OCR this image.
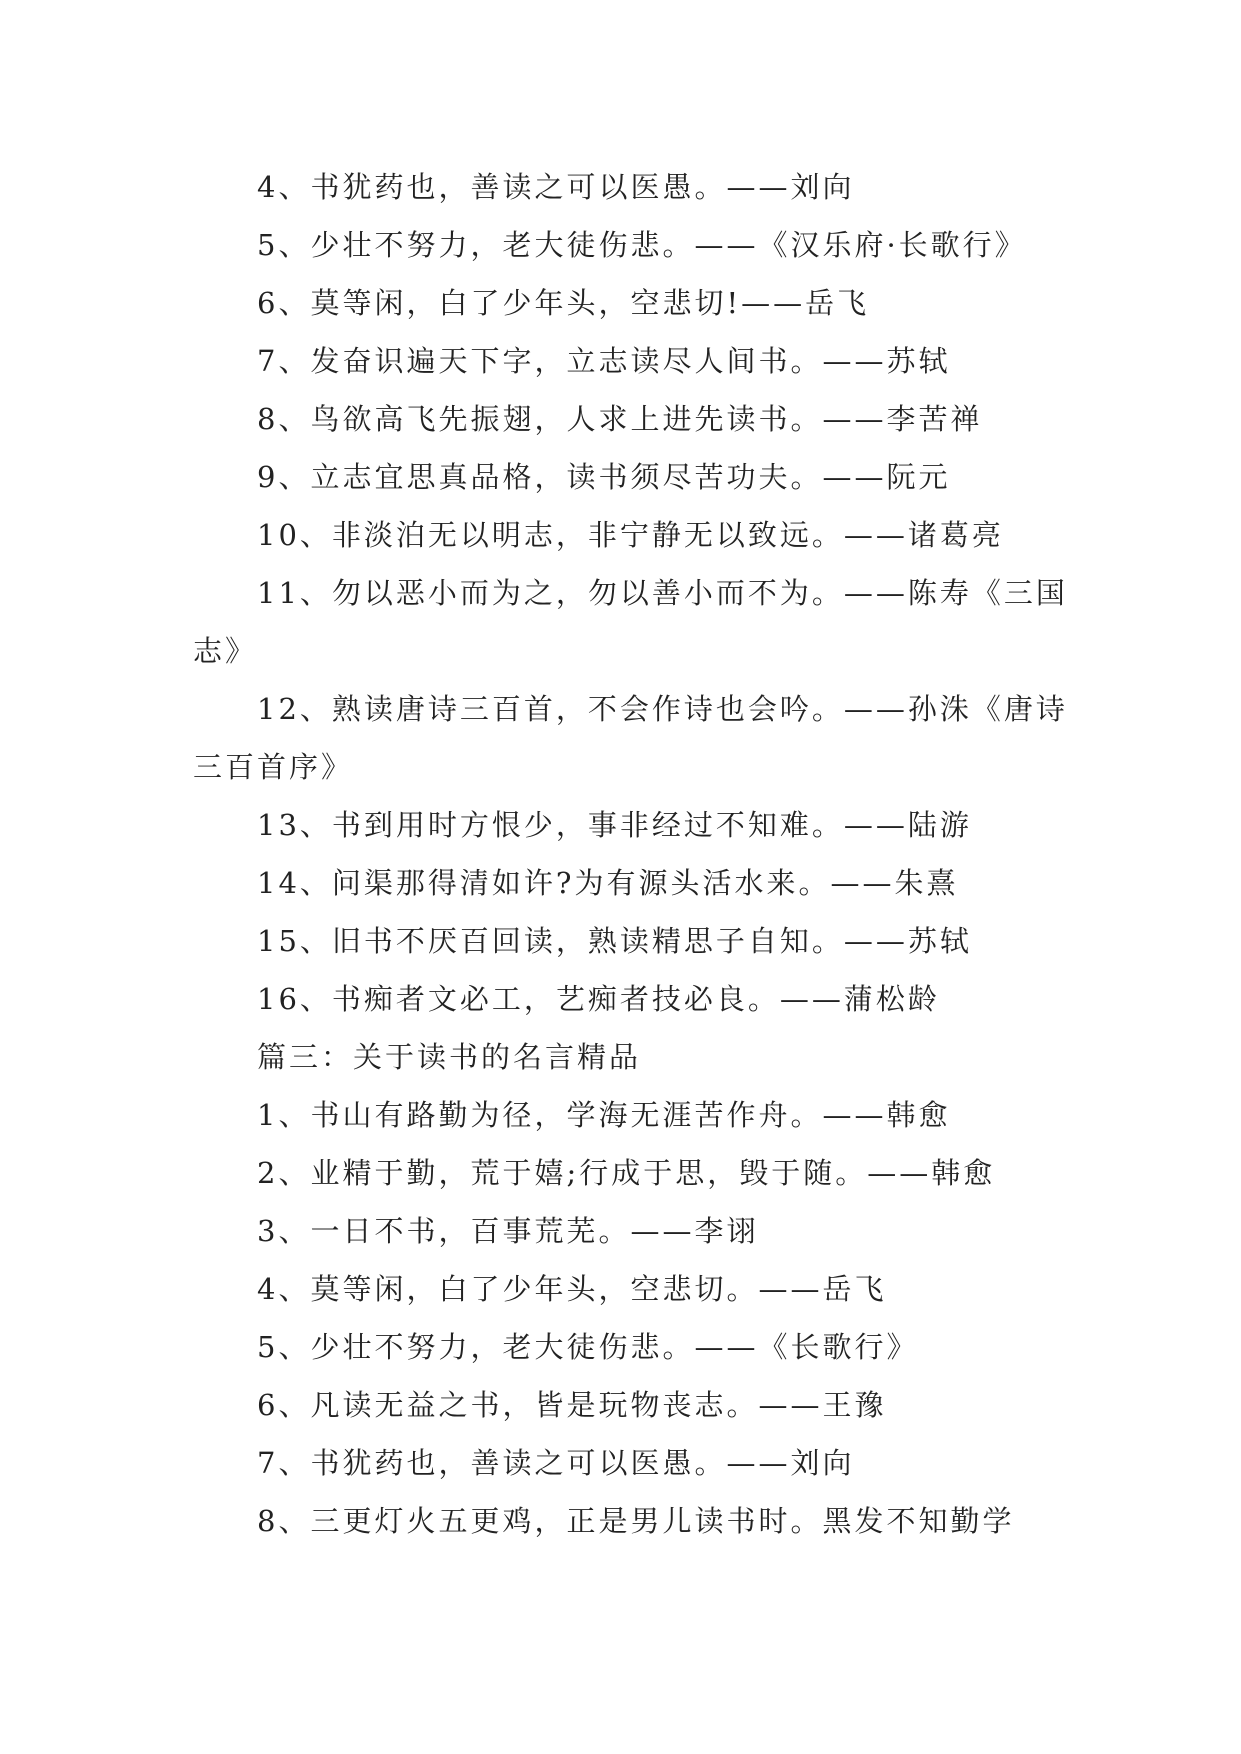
4、书犹药也，善读之可以医愚。——刘向

5、少壮不努力，老大徒伤悲。——《汉乐府·长歌行》

6、莫等闲，白了少年头，空悲切!——岳飞

7、发奋识遍天下字，立志读尽人间书。——苏轼

8、鸟欲高飞先振翅，人求上进先读书。——李苦禅

9、立志宜思真品格，读书须尽苦功夫。——阮元

10、非淡泊无以明志，非宁静无以致远。——诸葛亮

11、勿以恶小而为之，勿以善小而不为。——陈寿《三国志》

12、熟读唐诗三百首，不会作诗也会吟。——孙洙《唐诗三百首序》

13、书到用时方恨少，事非经过不知难。——陆游

14、问渠那得清如许?为有源头活水来。——朱熹

15、旧书不厌百回读，熟读精思子自知。——苏轼

16、书痴者文必工，艺痴者技必良。——蒲松龄

篇三：关于读书的名言精品

1、书山有路勤为径，学海无涯苦作舟。——韩愈

2、业精于勤，荒于嬉;行成于思，毁于随。——韩愈

3、一日不书，百事荒芜。——李诩

4、莫等闲，白了少年头，空悲切。——岳飞

5、少壮不努力，老大徒伤悲。——《长歌行》

6、凡读无益之书，皆是玩物丧志。——王豫

7、书犹药也，善读之可以医愚。——刘向

8、三更灯火五更鸡，正是男儿读书时。黑发不知勤学
